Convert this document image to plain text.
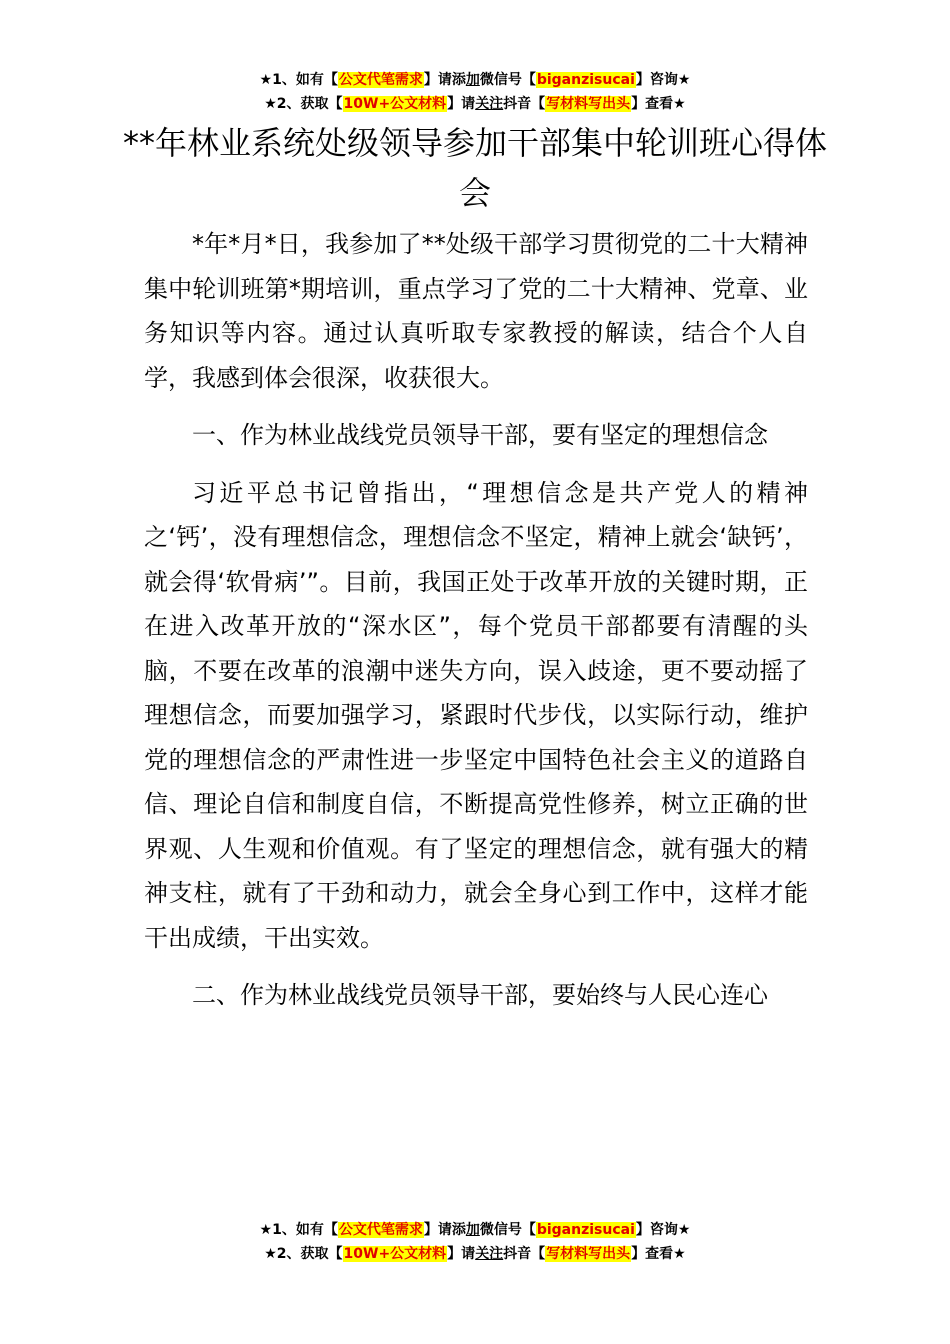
★1、如有【公文代笔需求】请添加微信号【biganzisucai】咨询★
★2、获取【10W+公文材料】请关注抖音【写材料写出头】查看★
**年林业系统处级领导参加干部集中轮训班心得体会

*年*月*日，我参加了**处级干部学习贯彻党的二十大精神集中轮训班第*期培训，重点学习了党的二十大精神、党章、业务知识等内容。通过认真听取专家教授的解读，结合个人自学，我感到体会很深，收获很大。

一、作为林业战线党员领导干部，要有坚定的理想信念

习近平总书记曾指出，“理想信念是共产党人的精神之‘钙’，没有理想信念，理想信念不坚定，精神上就会‘缺钙’，就会得‘软骨病’”。目前，我国正处于改革开放的关键时期，正在进入改革开放的“深水区”，每个党员干部都要有清醒的头脑，不要在改革的浪潮中迷失方向，误入歧途，更不要动摇了理想信念，而要加强学习，紧跟时代步伐，以实际行动，维护党的理想信念的严肃性进一步坚定中国特色社会主义的道路自信、理论自信和制度自信，不断提高党性修养，树立正确的世界观、人生观和价值观。有了坚定的理想信念，就有强大的精神支柱，就有了干劲和动力，就会全身心到工作中，这样才能干出成绩，干出实效。

二、作为林业战线党员领导干部，要始终与人民心连心

★1、如有【公文代笔需求】请添加微信号【biganzisucai】咨询★
★2、获取【10W+公文材料】请关注抖音【写材料写出头】查看★
